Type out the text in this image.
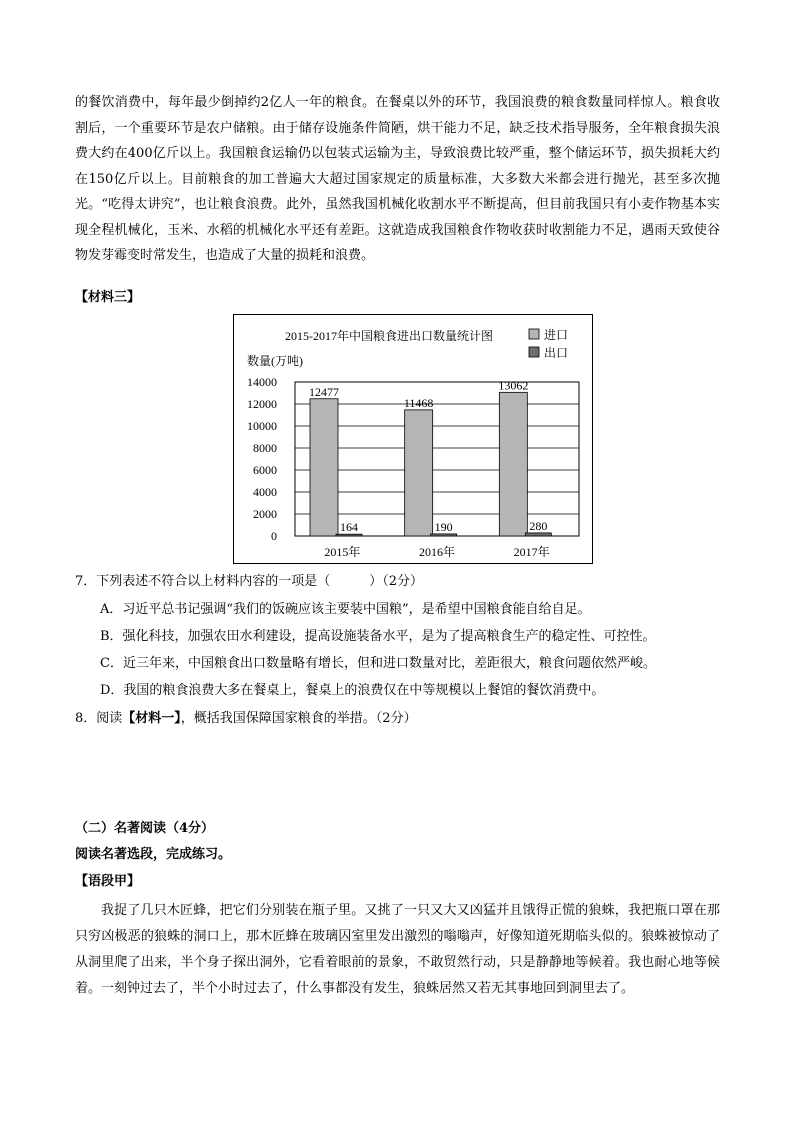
的餐饮消费中，每年最少倒掉约2亿人一年的粮食。在餐桌以外的环节，我国浪费的粮食数量同样惊人。粮食收割后，一个重要环节是农户储粮。由于储存设施条件简陋，烘干能力不足，缺乏技术指导服务，全年粮食损失浪费大约在400亿斤以上。我国粮食运输仍以包装式运输为主，导致浪费比较严重，整个储运环节，损失损耗大约在150亿斤以上。目前粮食的加工普遍大大超过国家规定的质量标准，大多数大米都会进行抛光，甚至多次抛光。“吃得太讲究”，也让粮食浪费。此外，虽然我国机械化收割水平不断提高，但目前我国只有小麦作物基本实现全程机械化，玉米、水稻的机械化水平还有差距。这就造成我国粮食作物收获时收割能力不足，遇雨天致使谷物发芽霉变时常发生，也造成了大量的损耗和浪费。

【材料三】

2015-2017年中国粮食进出口数量统计图
数量(万吨)
0
2000
4000
6000
8000
10000
12000
14000
12477
164
11468
190
13062
280
2015年	2016年	2017年
进口
出口

7．下列表述不符合以上材料内容的一项是（　　　）（2分）

A．习近平总书记强调“我们的饭碗应该主要装中国粮”，是希望中国粮食能自给自足。

B．强化科技，加强农田水利建设，提高设施装备水平，是为了提高粮食生产的稳定性、可控性。

C．近三年来，中国粮食出口数量略有增长，但和进口数量对比，差距很大，粮食问题依然严峻。

D．我国的粮食浪费大多在餐桌上，餐桌上的浪费仅在中等规模以上餐馆的餐饮消费中。

8．阅读【材料一】，概括我国保障国家粮食的举措。（2分）

（二）名著阅读（4分）

阅读名著选段，完成练习。

【语段甲】

我捉了几只木匠蜂，把它们分别装在瓶子里。又挑了一只又大又凶猛并且饿得正慌的狼蛛，我把瓶口罩在那只穷凶极恶的狼蛛的洞口上，那木匠蜂在玻璃囚室里发出激烈的嗡嗡声，好像知道死期临头似的。狼蛛被惊动了从洞里爬了出来，半个身子探出洞外，它看着眼前的景象，不敢贸然行动，只是静静地等候着。我也耐心地等候着。一刻钟过去了，半个小时过去了，什么事都没有发生，狼蛛居然又若无其事地回到洞里去了。
